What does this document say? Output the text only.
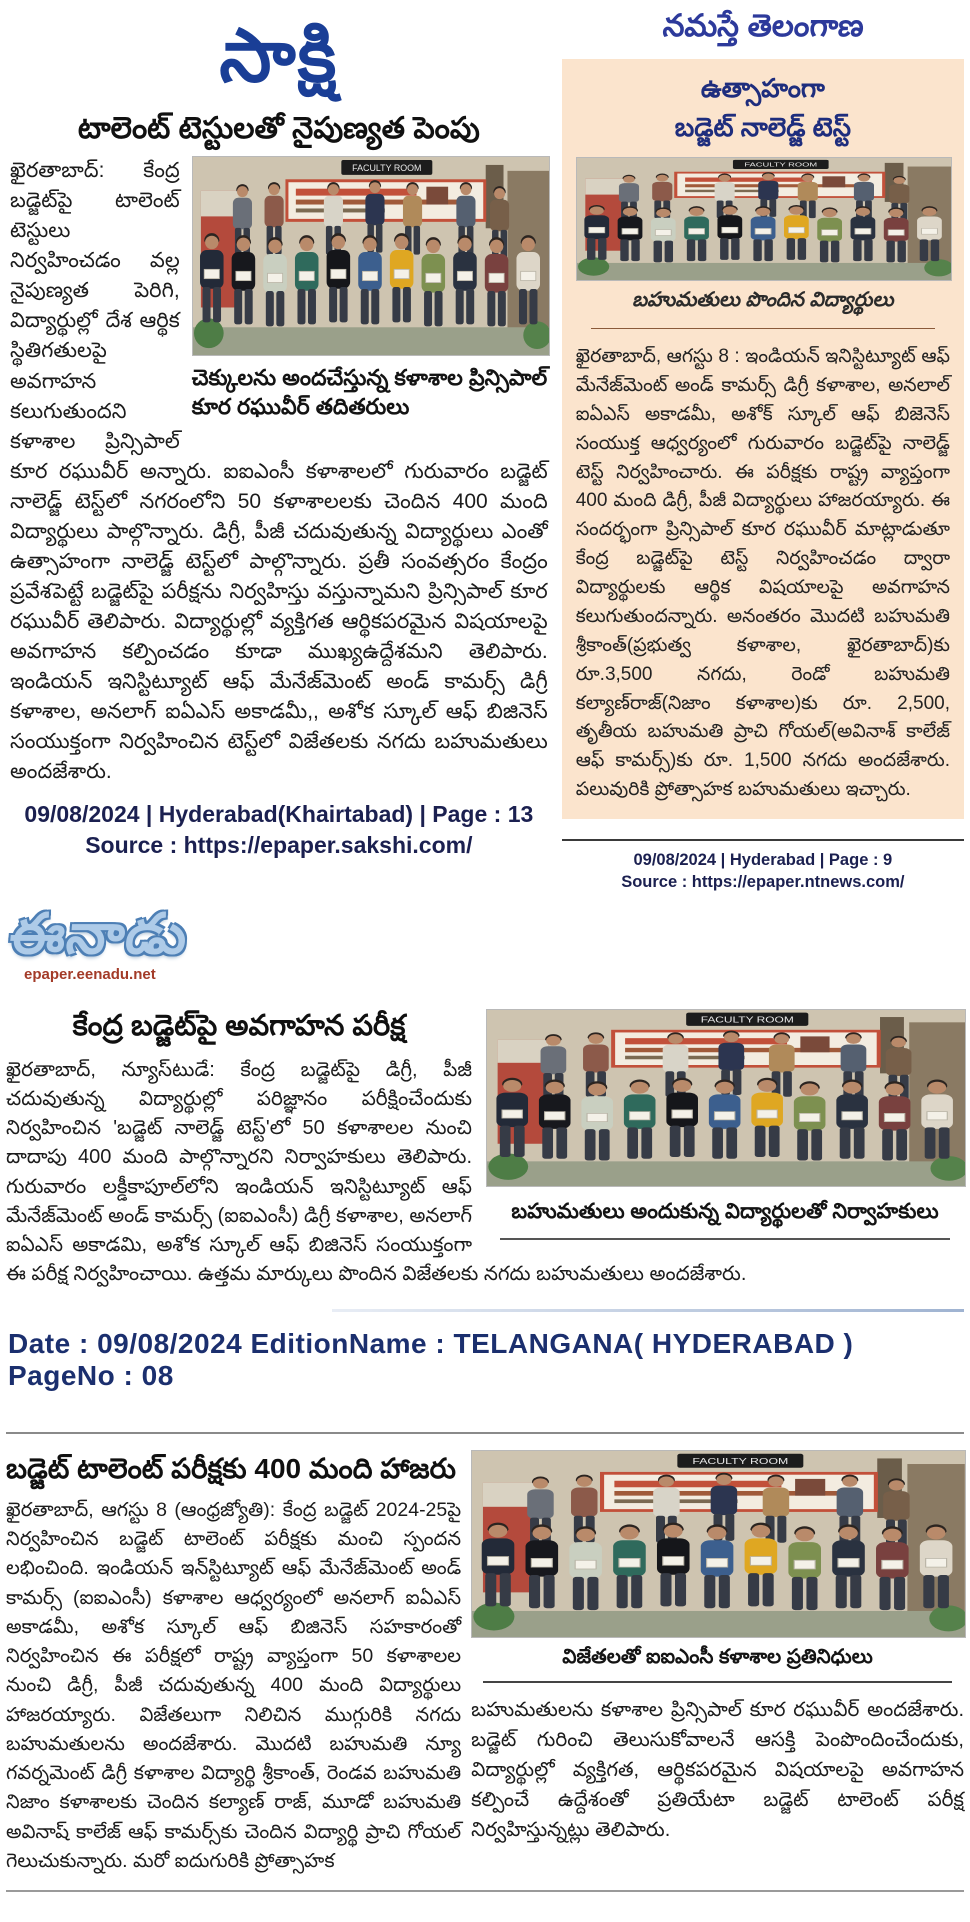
సాక్షి
టాలెంట్ టెస్టులతో నైపుణ్యత పెంపు
చెక్కులను అందచేస్తున్న కళాశాల ప్రిన్సిపాల్ కూర రఘువీర్ తదితరులు
ఖైరతాబాద్: కేంద్ర బడ్జెట్‌పై టాలెంట్ టెస్టులు నిర్వహించడం వల్ల నైపుణ్యత పెరిగి, విద్యార్థుల్లో దేశ ఆర్థిక స్థితిగతులపై అవగాహన కలుగుతుందని కళాశాల ప్రిన్సిపాల్ కూర రఘువీర్ అన్నారు. ఐఐఎంసీ కళాశాలలో గురువారం బడ్జెట్ నాలెడ్జ్ టెస్ట్‌లో నగరంలోని 50 కళాశాలలకు చెందిన 400 మంది విద్యార్థులు పాల్గొన్నారు. డిగ్రీ, పీజీ చదువుతున్న విద్యార్థులు ఎంతో ఉత్సాహంగా నాలెడ్జ్ టెస్ట్‌లో పాల్గొన్నారు. ప్రతీ సంవత్సరం కేంద్రం ప్రవేశపెట్టే బడ్జెట్‌పై పరీక్షను నిర్వహిస్తు వస్తున్నామని ప్రిన్సిపాల్ కూర రఘువీర్ తెలిపారు. విద్యార్థుల్లో వ్యక్తిగత ఆర్థికపరమైన విషయాలపై అవగాహన కల్పించడం కూడా ముఖ్యఉద్దేశమని తెలిపారు. ఇండియన్ ఇనిస్టిట్యూట్ ఆఫ్ మేనేజ్‌మెంట్ అండ్ కామర్స్ డిగ్రీ కళాశాల, అనలాగ్ ఐఏఎస్ అకాడమీ,, అశోక స్కూల్ ఆఫ్ బిజినెస్ సంయుక్తంగా నిర్వహించిన టెస్ట్‌లో విజేతలకు నగదు బహుమతులు అందజేశారు.
09/08/2024 | Hyderabad(Khairtabad) | Page : 13
Source : https://epaper.sakshi.com/
నమస్తే తెలంగాణ
ఉత్సాహంగా
బడ్జెట్ నాలెడ్జ్ టెస్ట్
బహుమతులు పొందిన విద్యార్థులు
ఖైరతాబాద్, ఆగస్టు 8 : ఇండియన్ ఇనిస్టిట్యూట్ ఆఫ్ మేనేజ్‌మెంట్ అండ్ కామర్స్ డిగ్రీ కళాశాల, అనలాల్ ఐఏఎస్ అకాడమీ, అశోక్ స్కూల్ ఆఫ్ బిజెనెస్ సంయుక్త ఆధ్వర్యంలో గురువారం బడ్జెట్‌పై నాలెడ్జ్ టెస్ట్ నిర్వహించారు. ఈ పరీక్షకు రాష్ట్ర వ్యాప్తంగా 400 మంది డిగ్రీ, పీజీ విద్యార్థులు హాజరయ్యారు. ఈ సందర్భంగా ప్రిన్సిపాల్ కూర రఘువీర్ మాట్లాడుతూ కేంద్ర బడ్జెట్‌పై టెస్ట్ నిర్వహించడం ద్వారా విద్యార్థులకు ఆర్థిక విషయాలపై అవగాహన కలుగుతుందన్నారు. అనంతరం మొదటి బహుమతి శ్రీకాంత్(ప్రభుత్వ కళాశాల, ఖైరతాబాద్)కు రూ.3,500 నగదు, రెండో బహుమతి కల్యాణ్‌రాజ్(నిజాం కళాశాల)కు రూ. 2,500, తృతీయ బహుమతి ప్రాచి గోయల్(అవినాశ్ కాలేజ్ ఆఫ్ కామర్స్)కు రూ. 1,500 నగదు అందజేశారు. పలువురికి ప్రోత్సాహక బహుమతులు ఇచ్చారు.
09/08/2024 | Hyderabad | Page : 9
Source : https://epaper.ntnews.com/
ఈనాడు
epaper.eenadu.net
బహుమతులు అందుకున్న విద్యార్థులతో నిర్వాహకులు
కేంద్ర బడ్జెట్‌పై అవగాహన పరీక్ష
ఖైరతాబాద్, న్యూస్‌టుడే: కేంద్ర బడ్జెట్‌పై డిగ్రీ, పీజీ చదువుతున్న విద్యార్థుల్లో పరిజ్ఞానం పరీక్షించేందుకు నిర్వహించిన 'బడ్జెట్ నాలెడ్జ్ టెస్ట్'లో 50 కళాశాలల నుంచి దాదాపు 400 మంది పాల్గొన్నారని నిర్వాహకులు తెలిపారు. గురువారం లక్డీకాపూల్‌లోని ఇండియన్ ఇనిస్టిట్యూట్ ఆఫ్ మేనేజ్‌మెంట్ అండ్ కామర్స్ (ఐఐఎంసీ) డిగ్రీ కళాశాల, అనలాగ్ ఐఏఎస్ అకాడమి, అశోక స్కూల్ ఆఫ్ బిజినెస్ సంయుక్తంగా ఈ పరీక్ష నిర్వహించాయి. ఉత్తమ మార్కులు పొందిన విజేతలకు నగదు బహుమతులు అందజేశారు.
Date : 09/08/2024 EditionName : TELANGANA( HYDERABAD ) PageNo : 08
బడ్జెట్ టాలెంట్ పరీక్షకు 400 మంది హాజరు
ఖైరతాబాద్, ఆగస్టు 8 (ఆంధ్రజ్యోతి): కేంద్ర బడ్జెట్ 2024-25పై నిర్వహించిన బడ్జెట్ టాలెంట్ పరీక్షకు మంచి స్పందన లభించింది. ఇండియన్ ఇన్‌స్టిట్యూట్ ఆఫ్ మేనేజ్‌మెంట్ అండ్ కామర్స్ (ఐఐఎంసీ) కళాశాల ఆధ్వర్యంలో అనలాగ్ ఐఏఎస్ అకాడమీ, అశోక స్కూల్ ఆఫ్ బిజినెస్ సహకారంతో నిర్వహించిన ఈ పరీక్షలో రాష్ట్ర వ్యాప్తంగా 50 కళాశాలల నుంచి డిగ్రీ, పీజీ చదువుతున్న 400 మంది విద్యార్థులు హాజరయ్యారు. విజేతలుగా నిలిచిన ముగ్గురికి నగదు బహుమతులను అందజేశారు. మొదటి బహుమతి న్యూ గవర్నమెంట్ డిగ్రీ కళాశాల విద్యార్థి శ్రీకాంత్, రెండవ బహుమతి నిజాం కళాశాలకు చెందిన కల్యాణ్ రాజ్, మూడో బహుమతి అవినాష్ కాలేజ్ ఆఫ్ కామర్స్‌కు చెందిన విద్యార్థి ప్రాచి గోయల్ గెలుచుకున్నారు. మరో ఐదుగురికి ప్రోత్సాహక
విజేతలతో ఐఐఎంసీ కళాశాల ప్రతినిధులు
బహుమతులను కళాశాల ప్రిన్సిపాల్ కూర రఘువీర్ అందజేశారు. బడ్జెట్ గురించి తెలుసుకోవాలనే ఆసక్తి పెంపొందించేందుకు, విద్యార్థుల్లో వ్యక్తిగత, ఆర్థికపరమైన విషయాలపై అవగాహన కల్పించే ఉద్దేశంతో ప్రతియేటా బడ్జెట్ టాలెంట్ పరీక్ష నిర్వహిస్తున్నట్లు తెలిపారు.
